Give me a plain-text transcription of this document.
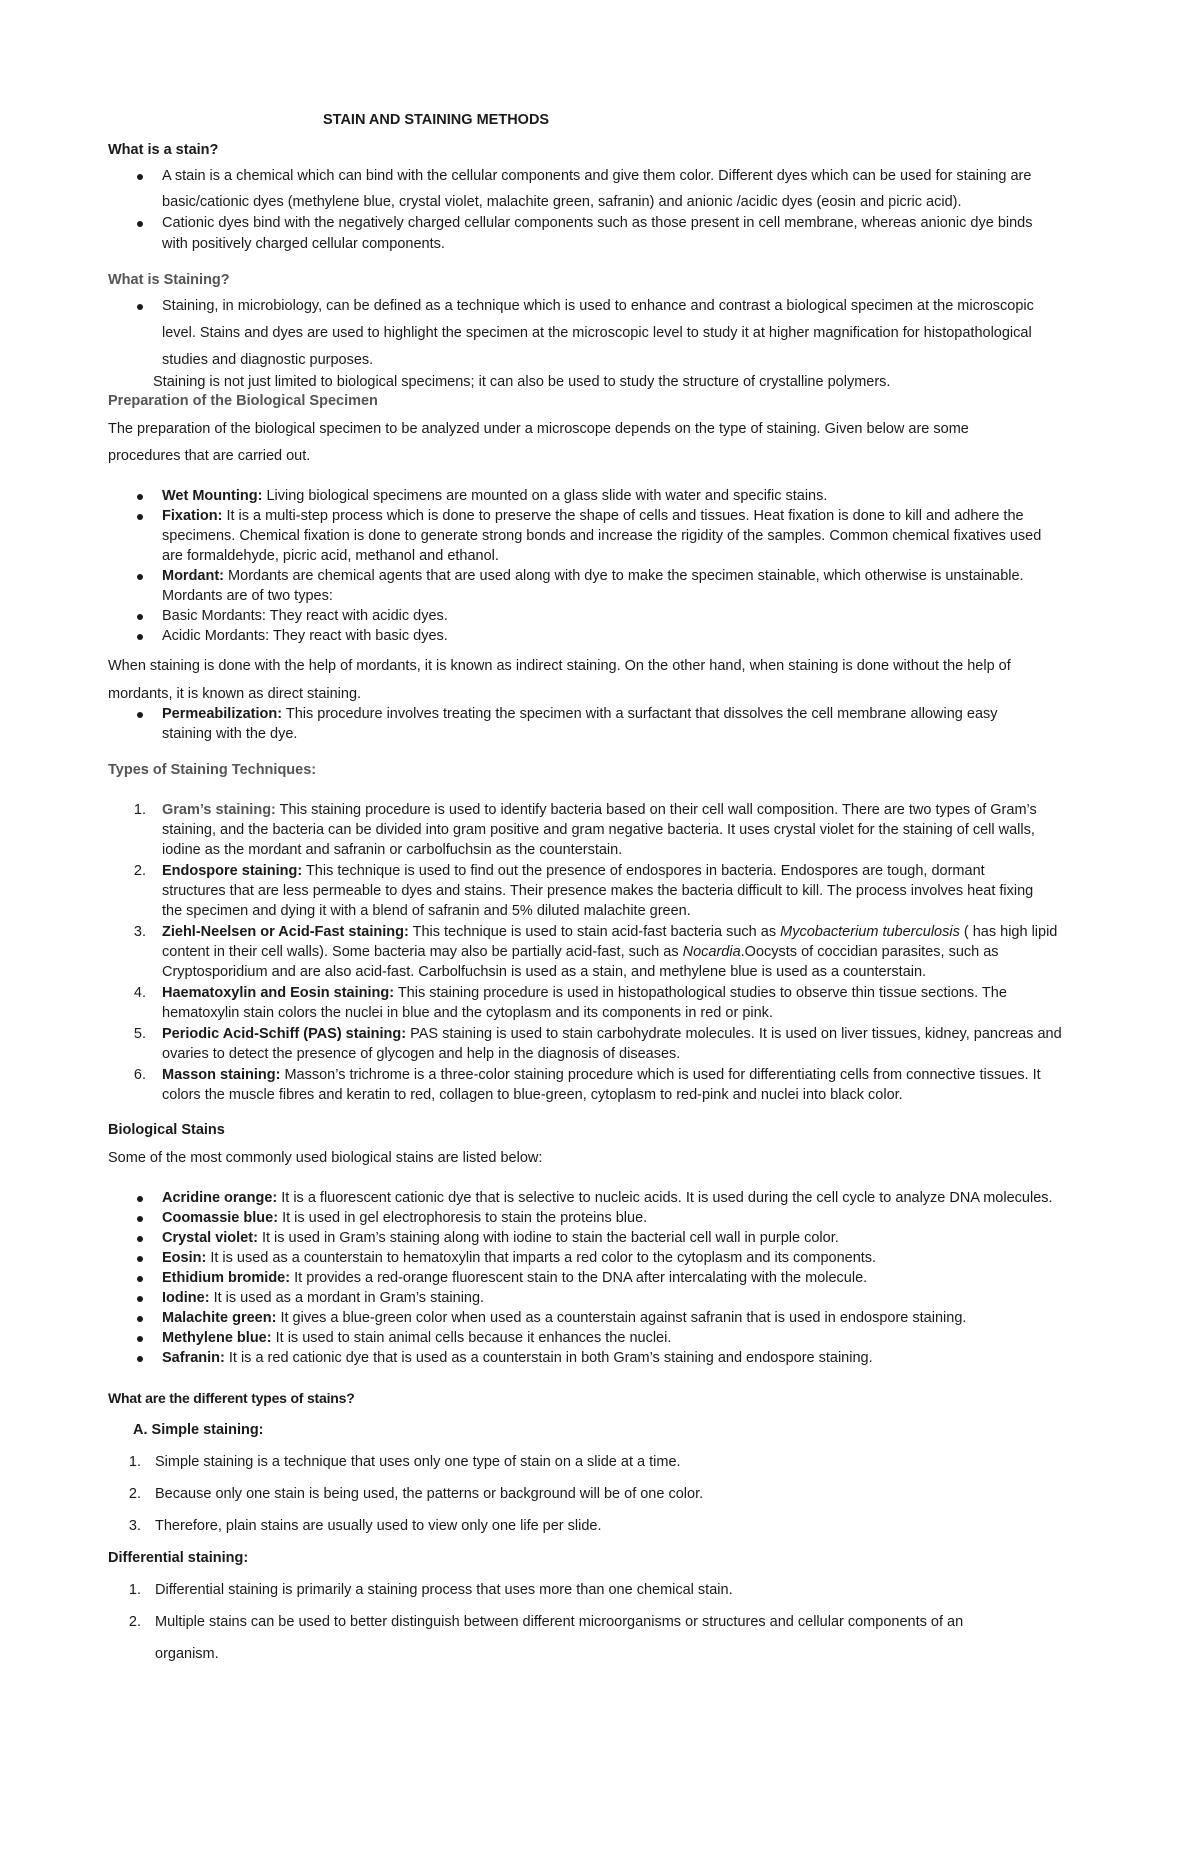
STAIN AND STAINING METHODS
What is a stain?
A stain is a chemical which can bind with the cellular components and give them color. Different dyes which can be used for staining are
basic/cationic dyes (methylene blue, crystal violet, malachite green, safranin) and anionic /acidic dyes (eosin and picric acid).
Cationic dyes bind with the negatively charged cellular components such as those present in cell membrane, whereas anionic dye binds
with positively charged cellular components.
What is Staining?
Staining, in microbiology, can be defined as a technique which is used to enhance and contrast a biological specimen at the microscopic
level. Stains and dyes are used to highlight the specimen at the microscopic level to study it at higher magnification for histopathological
studies and diagnostic purposes.
Staining is not just limited to biological specimens; it can also be used to study the structure of crystalline polymers.
Preparation of the Biological Specimen
The preparation of the biological specimen to be analyzed under a microscope depends on the type of staining. Given below are some
procedures that are carried out.
Wet Mounting: Living biological specimens are mounted on a glass slide with water and specific stains.
Fixation: It is a multi-step process which is done to preserve the shape of cells and tissues. Heat fixation is done to kill and adhere the
specimens. Chemical fixation is done to generate strong bonds and increase the rigidity of the samples. Common chemical fixatives used
are formaldehyde, picric acid, methanol and ethanol.
Mordant: Mordants are chemical agents that are used along with dye to make the specimen stainable, which otherwise is unstainable.
Mordants are of two types:
Basic Mordants: They react with acidic dyes.
Acidic Mordants: They react with basic dyes.
When staining is done with the help of mordants, it is known as indirect staining. On the other hand, when staining is done without the help of
mordants, it is known as direct staining.
Permeabilization: This procedure involves treating the specimen with a surfactant that dissolves the cell membrane allowing easy
staining with the dye.
Types of Staining Techniques:
1. Gram’s staining: This staining procedure is used to identify bacteria based on their cell wall composition. There are two types of Gram’s
staining, and the bacteria can be divided into gram positive and gram negative bacteria. It uses crystal violet for the staining of cell walls,
iodine as the mordant and safranin or carbolfuchsin as the counterstain.
2. Endospore staining: This technique is used to find out the presence of endospores in bacteria. Endospores are tough, dormant
structures that are less permeable to dyes and stains. Their presence makes the bacteria difficult to kill. The process involves heat fixing
the specimen and dying it with a blend of safranin and 5% diluted malachite green.
3. Ziehl-Neelsen or Acid-Fast staining: This technique is used to stain acid-fast bacteria such as Mycobacterium tuberculosis ( has high lipid
content in their cell walls). Some bacteria may also be partially acid-fast, such as Nocardia.Oocysts of coccidian parasites, such as
Cryptosporidium and are also acid-fast. Carbolfuchsin is used as a stain, and methylene blue is used as a counterstain.
4. Haematoxylin and Eosin staining: This staining procedure is used in histopathological studies to observe thin tissue sections. The
hematoxylin stain colors the nuclei in blue and the cytoplasm and its components in red or pink.
5. Periodic Acid-Schiff (PAS) staining: PAS staining is used to stain carbohydrate molecules. It is used on liver tissues, kidney, pancreas and
ovaries to detect the presence of glycogen and help in the diagnosis of diseases.
6. Masson staining: Masson’s trichrome is a three-color staining procedure which is used for differentiating cells from connective tissues. It
colors the muscle fibres and keratin to red, collagen to blue-green, cytoplasm to red-pink and nuclei into black color.
Biological Stains
Some of the most commonly used biological stains are listed below:
Acridine orange: It is a fluorescent cationic dye that is selective to nucleic acids. It is used during the cell cycle to analyze DNA molecules.
Coomassie blue: It is used in gel electrophoresis to stain the proteins blue.
Crystal violet: It is used in Gram’s staining along with iodine to stain the bacterial cell wall in purple color.
Eosin: It is used as a counterstain to hematoxylin that imparts a red color to the cytoplasm and its components.
Ethidium bromide: It provides a red-orange fluorescent stain to the DNA after intercalating with the molecule.
Iodine: It is used as a mordant in Gram’s staining.
Malachite green: It gives a blue-green color when used as a counterstain against safranin that is used in endospore staining.
Methylene blue: It is used to stain animal cells because it enhances the nuclei.
Safranin: It is a red cationic dye that is used as a counterstain in both Gram’s staining and endospore staining.
What are the different types of stains?
A. Simple staining:
1. Simple staining is a technique that uses only one type of stain on a slide at a time.
2. Because only one stain is being used, the patterns or background will be of one color.
3. Therefore, plain stains are usually used to view only one life per slide.
Differential staining:
1. Differential staining is primarily a staining process that uses more than one chemical stain.
2. Multiple stains can be used to better distinguish between different microorganisms or structures and cellular components of an
organism.
